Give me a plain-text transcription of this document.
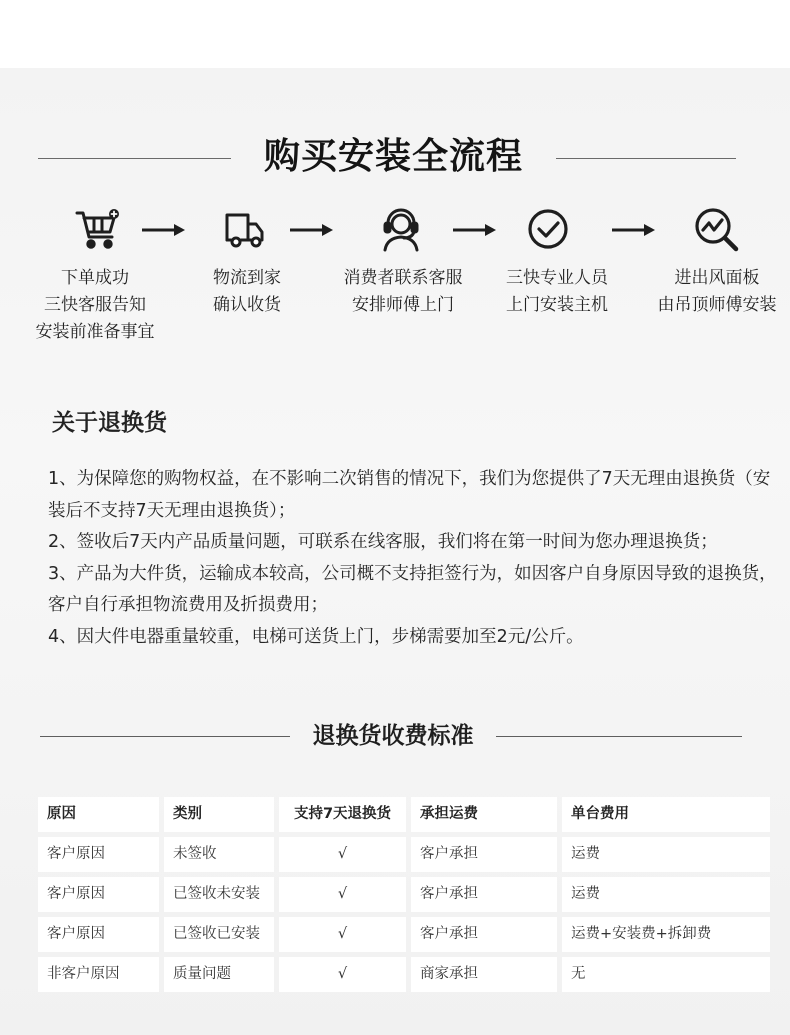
购买安装全流程
下单成功
三快客服告知
安装前准备事宜
物流到家
确认收货
消费者联系客服
安排师傅上门
三快专业人员
上门安装主机
进出风面板
由吊顶师傅安装
关于退换货

1、为保障您的购物权益，在不影响二次销售的情况下，我们为您提供了7天无理由退换货（安装后不支持7天无理由退换货）；

2、签收后7天内产品质量问题，可联系在线客服，我们将在第一时间为您办理退换货；

3、产品为大件货，运输成本较高，公司概不支持拒签行为，如因客户自身原因导致的退换货，客户自行承担物流费用及折损费用；

4、因大件电器重量较重，电梯可送货上门，步梯需要加至2元/公斤。

退换货收费标准
原因	类别	支持7天退换货	承担运费	单台费用
客户原因	未签收	√	客户承担	运费
客户原因	已签收未安装	√	客户承担	运费
客户原因	已签收已安装	√	客户承担	运费+安装费+拆卸费
非客户原因	质量问题	√	商家承担	无
